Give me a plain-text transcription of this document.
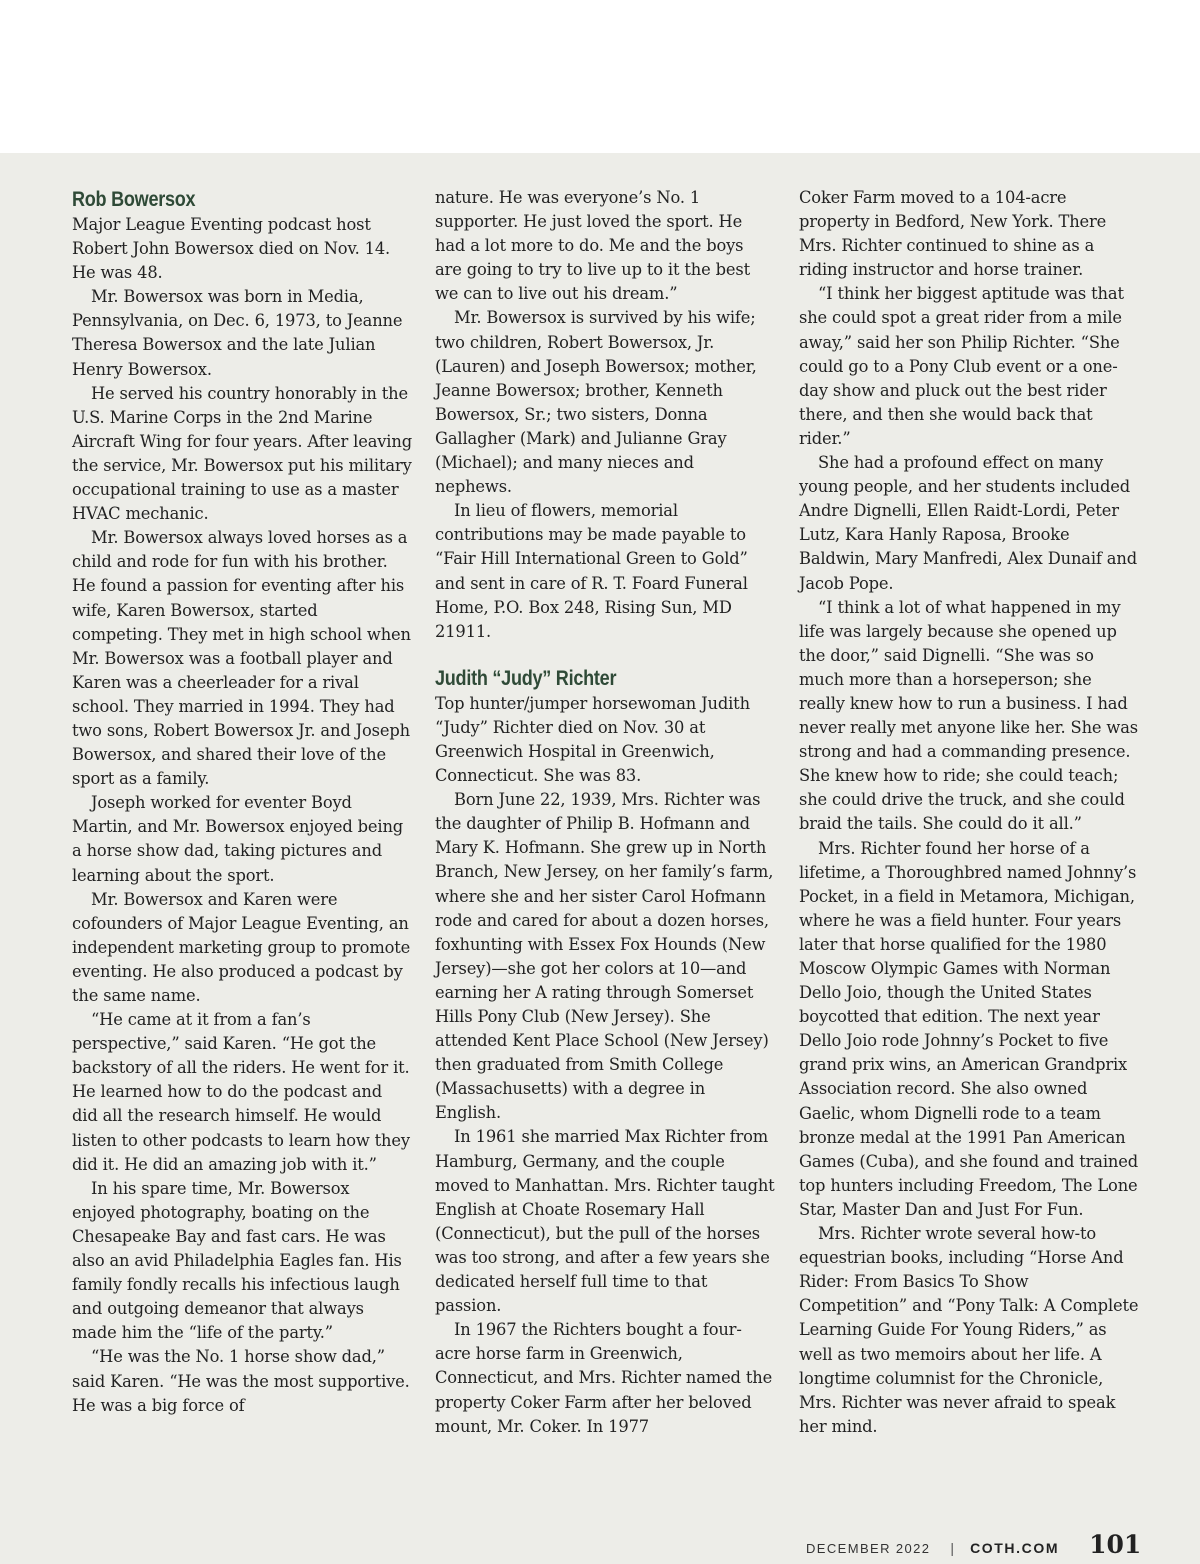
Rob Bowersox

Major League Eventing podcast host Robert John Bowersox died on Nov. 14. He was 48.

Mr. Bowersox was born in Media, Pennsylvania, on Dec. 6, 1973, to Jeanne Theresa Bowersox and the late Julian Henry Bowersox.

He served his country honorably in the U.S. Marine Corps in the 2nd Marine Aircraft Wing for four years. After leaving the service, Mr. Bowersox put his military occupational training to use as a master HVAC mechanic.

Mr. Bowersox always loved horses as a child and rode for fun with his brother. He found a passion for eventing after his wife, Karen Bowersox, started competing. They met in high school when Mr. Bowersox was a football player and Karen was a cheerleader for a rival school. They married in 1994. They had two sons, Robert Bowersox Jr. and Joseph Bowersox, and shared their love of the sport as a family.

Joseph worked for eventer Boyd Martin, and Mr. Bowersox enjoyed being a horse show dad, taking pictures and learning about the sport.

Mr. Bowersox and Karen were cofounders of Major League Eventing, an independent marketing group to promote eventing. He also produced a podcast by the same name.

“He came at it from a fan’s perspective,” said Karen. “He got the backstory of all the riders. He went for it. He learned how to do the podcast and did all the research himself. He would listen to other podcasts to learn how they did it. He did an amazing job with it.”

In his spare time, Mr. Bowersox enjoyed photography, boating on the Chesapeake Bay and fast cars. He was also an avid Philadelphia Eagles fan. His family fondly recalls his infectious laugh and outgoing demeanor that always made him the “life of the party.”

“He was the No. 1 horse show dad,” said Karen. “He was the most supportive. He was a big force of

nature. He was everyone’s No. 1 supporter. He just loved the sport. He had a lot more to do. Me and the boys are going to try to live up to it the best we can to live out his dream.”

Mr. Bowersox is survived by his wife; two children, Robert Bowersox, Jr. (Lauren) and Joseph Bowersox; mother, Jeanne Bowersox; brother, Kenneth Bowersox, Sr.; two sisters, Donna Gallagher (Mark) and Julianne Gray (Michael); and many nieces and nephews.

In lieu of flowers, memorial contributions may be made payable to “Fair Hill International Green to Gold” and sent in care of R. T. Foard Funeral Home, P.O. Box 248, Rising Sun, MD 21911.

Judith “Judy” Richter

Top hunter/jumper horsewoman Judith “Judy” Richter died on Nov. 30 at Greenwich Hospital in Greenwich, Connecticut. She was 83.

Born June 22, 1939, Mrs. Richter was the daughter of Philip B. Hofmann and Mary K. Hofmann. She grew up in North Branch, New Jersey, on her family’s farm, where she and her sister Carol Hofmann rode and cared for about a dozen horses, foxhunting with Essex Fox Hounds (New Jersey)—she got her colors at 10—and earning her A rating through Somerset Hills Pony Club (New Jersey). She attended Kent Place School (New Jersey) then graduated from Smith College (Massachusetts) with a degree in English.

In 1961 she married Max Richter from Hamburg, Germany, and the couple moved to Manhattan. Mrs. Richter taught English at Choate Rosemary Hall (Connecticut), but the pull of the horses was too strong, and after a few years she dedicated herself full time to that passion.

In 1967 the Richters bought a four-acre horse farm in Greenwich, Connecticut, and Mrs. Richter named the property Coker Farm after her beloved mount, Mr. Coker. In 1977

Coker Farm moved to a 104-acre property in Bedford, New York. There Mrs. Richter continued to shine as a riding instructor and horse trainer.

“I think her biggest aptitude was that she could spot a great rider from a mile away,” said her son Philip Richter. “She could go to a Pony Club event or a one-day show and pluck out the best rider there, and then she would back that rider.”

She had a profound effect on many young people, and her students included Andre Dignelli, Ellen Raidt-Lordi, Peter Lutz, Kara Hanly Raposa, Brooke Baldwin, Mary Manfredi, Alex Dunaif and Jacob Pope.

“I think a lot of what happened in my life was largely because she opened up the door,” said Dignelli. “She was so much more than a horseperson; she really knew how to run a business. I had never really met anyone like her. She was strong and had a commanding presence. She knew how to ride; she could teach; she could drive the truck, and she could braid the tails. She could do it all.”

Mrs. Richter found her horse of a lifetime, a Thoroughbred named Johnny’s Pocket, in a field in Metamora, Michigan, where he was a field hunter. Four years later that horse qualified for the 1980 Moscow Olympic Games with Norman Dello Joio, though the United States boycotted that edition. The next year Dello Joio rode Johnny’s Pocket to five grand prix wins, an American Grandprix Association record. She also owned Gaelic, whom Dignelli rode to a team bronze medal at the 1991 Pan American Games (Cuba), and she found and trained top hunters including Freedom, The Lone Star, Master Dan and Just For Fun.

Mrs. Richter wrote several how-to equestrian books, including “Horse And Rider: From Basics To Show Competition” and “Pony Talk: A Complete Learning Guide For Young Riders,” as well as two memoirs about her life. A longtime columnist for the Chronicle, Mrs. Richter was never afraid to speak her mind.

DECEMBER 2022 | COTH.COM 101
